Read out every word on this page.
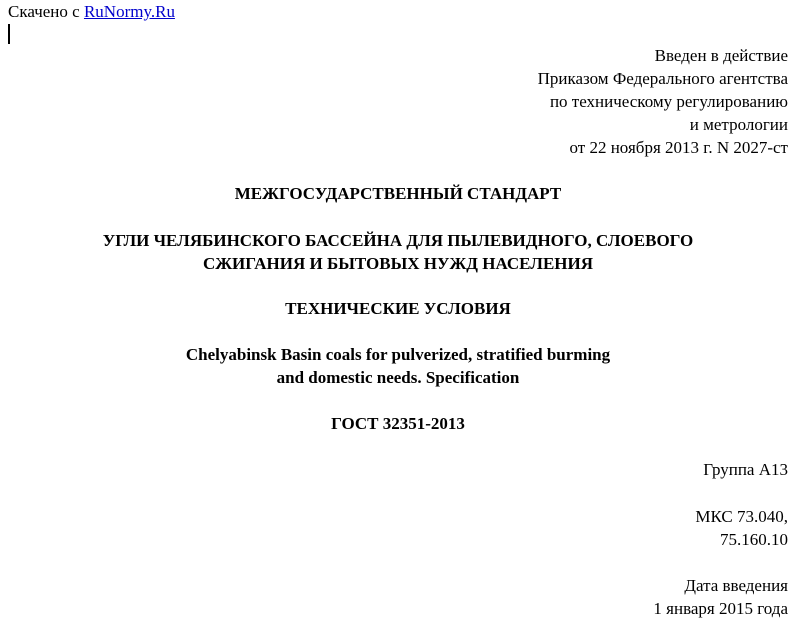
Скачено с RuNormy.Ru
Введен в действие
Приказом Федерального агентства
по техническому регулированию
и метрологии
от 22 ноября 2013 г. N 2027-ст
МЕЖГОСУДАРСТВЕННЫЙ СТАНДАРТ
УГЛИ ЧЕЛЯБИНСКОГО БАССЕЙНА ДЛЯ ПЫЛЕВИДНОГО, СЛОЕВОГО
СЖИГАНИЯ И БЫТОВЫХ НУЖД НАСЕЛЕНИЯ
ТЕХНИЧЕСКИЕ УСЛОВИЯ
Chelyabinsk Basin coals for pulverized, stratified burming
and domestic needs. Specification
ГОСТ 32351-2013
Группа А13
МКС 73.040,
75.160.10
Дата введения
1 января 2015 года
